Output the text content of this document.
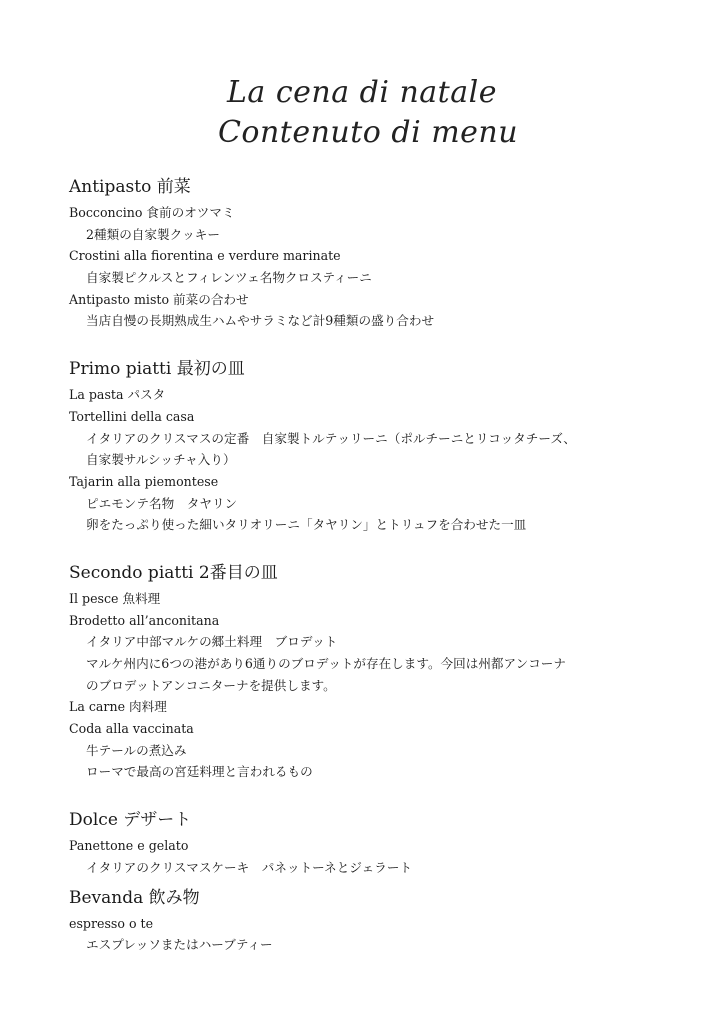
La cena di natale
Contenuto di menu
Antipasto 前菜
Bocconcino 食前のオツマミ
2種類の自家製クッキー
Crostini alla fiorentina e verdure marinate
自家製ピクルスとフィレンツェ名物クロスティーニ
Antipasto misto 前菜の合わせ
当店自慢の長期熟成生ハムやサラミなど計9種類の盛り合わせ
Primo piatti 最初の皿
La pasta パスタ
Tortellini della casa
イタリアのクリスマスの定番　自家製トルテッリーニ（ポルチーニとリコッタチーズ、
自家製サルシッチャ入り）
Tajarin alla piemontese
ピエモンテ名物　タヤリン
卵をたっぷり使った細いタリオリーニ「タヤリン」とトリュフを合わせた一皿
Secondo piatti 2番目の皿
Il pesce 魚料理
Brodetto all’anconitana
イタリア中部マルケの郷土料理　ブロデット
マルケ州内に6つの港があり6通りのブロデットが存在します。今回は州都アンコーナ
のブロデットアンコニターナを提供します。
La carne 肉料理
Coda alla vaccinata
牛テールの煮込み
ローマで最高の宮廷料理と言われるもの
Dolce デザート
Panettone e gelato
イタリアのクリスマスケーキ　パネットーネとジェラート
Bevanda 飲み物
espresso o te
エスプレッソまたはハーブティー
